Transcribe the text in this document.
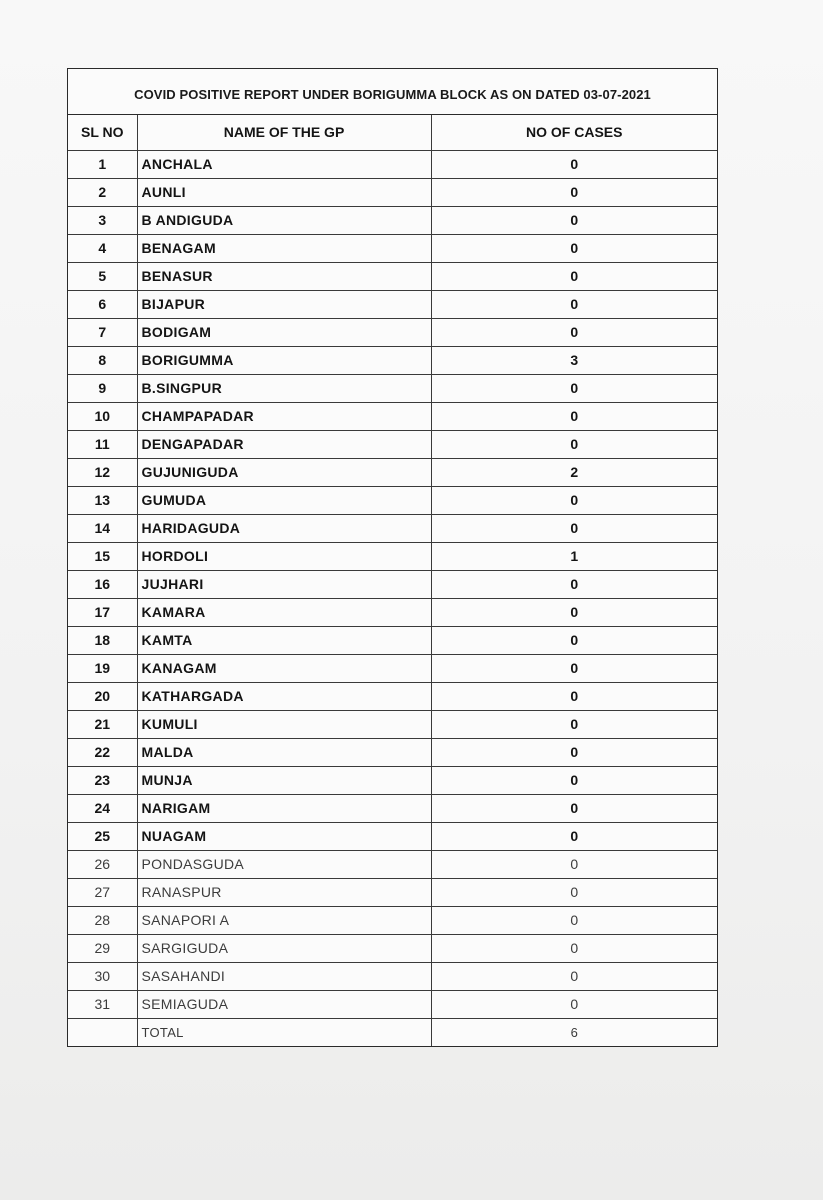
COVID POSITIVE REPORT UNDER BORIGUMMA BLOCK AS ON DATED 03-07-2021
SL NO	NAME OF THE GP	NO OF CASES
1	ANCHALA	0
2	AUNLI	0
3	B ANDIGUDA	0
4	BENAGAM	0
5	BENASUR	0
6	BIJAPUR	0
7	BODIGAM	0
8	BORIGUMMA	3
9	B.SINGPUR	0
10	CHAMPAPADAR	0
11	DENGAPADAR	0
12	GUJUNIGUDA	2
13	GUMUDA	0
14	HARIDAGUDA	0
15	HORDOLI	1
16	JUJHARI	0
17	KAMARA	0
18	KAMTA	0
19	KANAGAM	0
20	KATHARGADA	0
21	KUMULI	0
22	MALDA	0
23	MUNJA	0
24	NARIGAM	0
25	NUAGAM	0
26	PONDASGUDA	0
27	RANASPUR	0
28	SANAPORI A	0
29	SARGIGUDA	0
30	SASAHANDI	0
31	SEMIAGUDA	0
	TOTAL	6
